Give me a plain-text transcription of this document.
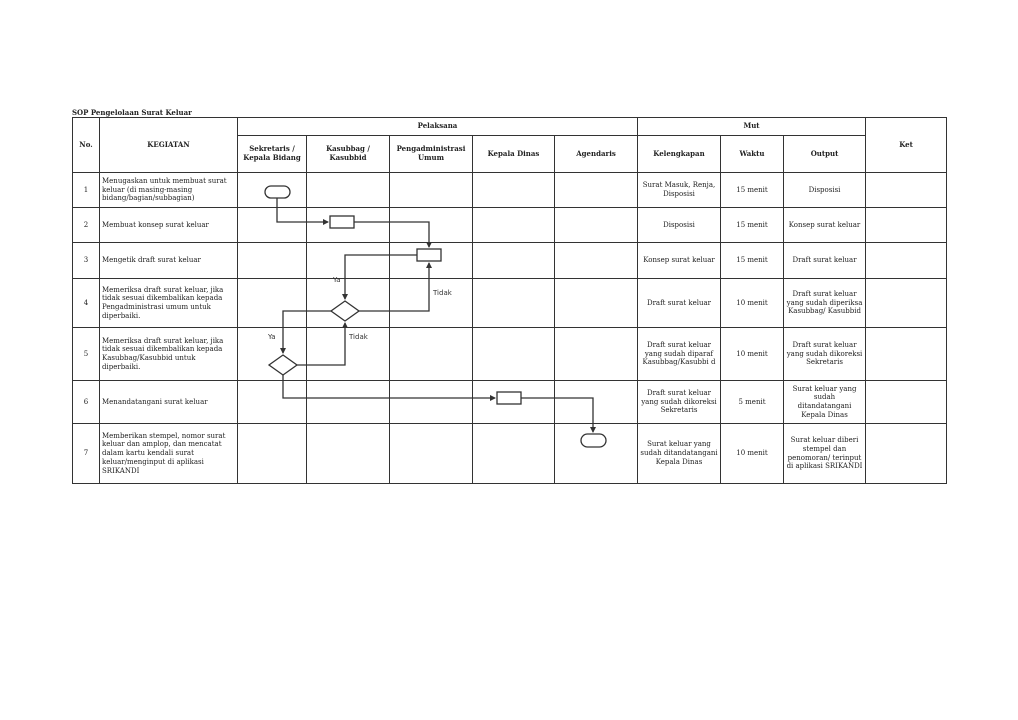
SOP Pengelolaan Surat Keluar
No.	KEGIATAN	Pelaksana					Mut			Ket
		Sekretaris / Kepala Bidang	Kasubbag / Kasubbid	Pengadministrasi Umum	Kepala Dinas	Agendaris	Kelengkapan	Waktu	Output	
1	Menugaskan untuk membuat surat keluar (di masing-masing bidang/bagian/subbagian)						Surat Masuk, Renja, Disposisi	15 menit	Disposisi	
2	Membuat konsep surat keluar						Disposisi	15 menit	Konsep surat keluar	
3	Mengetik draft surat keluar						Konsep surat keluar	15 menit	Draft surat keluar	
4	Memeriksa draft surat keluar, jika tidak sesuai dikembalikan kepada Pengadministrasi umum untuk diperbaiki.						Draft surat keluar	10 menit	Draft surat keluar yang sudah diperiksa Kasubbag/ Kasubbid	
5	Memeriksa draft surat keluar, jika tidak sesuai dikembalikan kepada Kasubbag/Kasubbid untuk diperbaiki.						Draft surat keluar yang sudah diparaf Kasubbag/Kasubbi d	10 menit	Draft surat keluar yang sudah dikoreksi Sekretaris	
6	Menandatangani surat keluar						Draft surat keluar yang sudah dikoreksi Sekretaris	5 menit	Surat keluar yang sudah ditandatangani Kepala Dinas	
7	Memberikan stempel, nomor surat keluar dan amplop, dan mencatat dalam kartu kendali surat keluar/menginput di aplikasi SRIKANDI						Surat keluar yang sudah ditandatangani Kepala Dinas	10 menit	Surat keluar diberi stempel dan penomoran/ terinput di aplikasi SRIKANDI	
Ya
Tidak
Ya	Tidak
